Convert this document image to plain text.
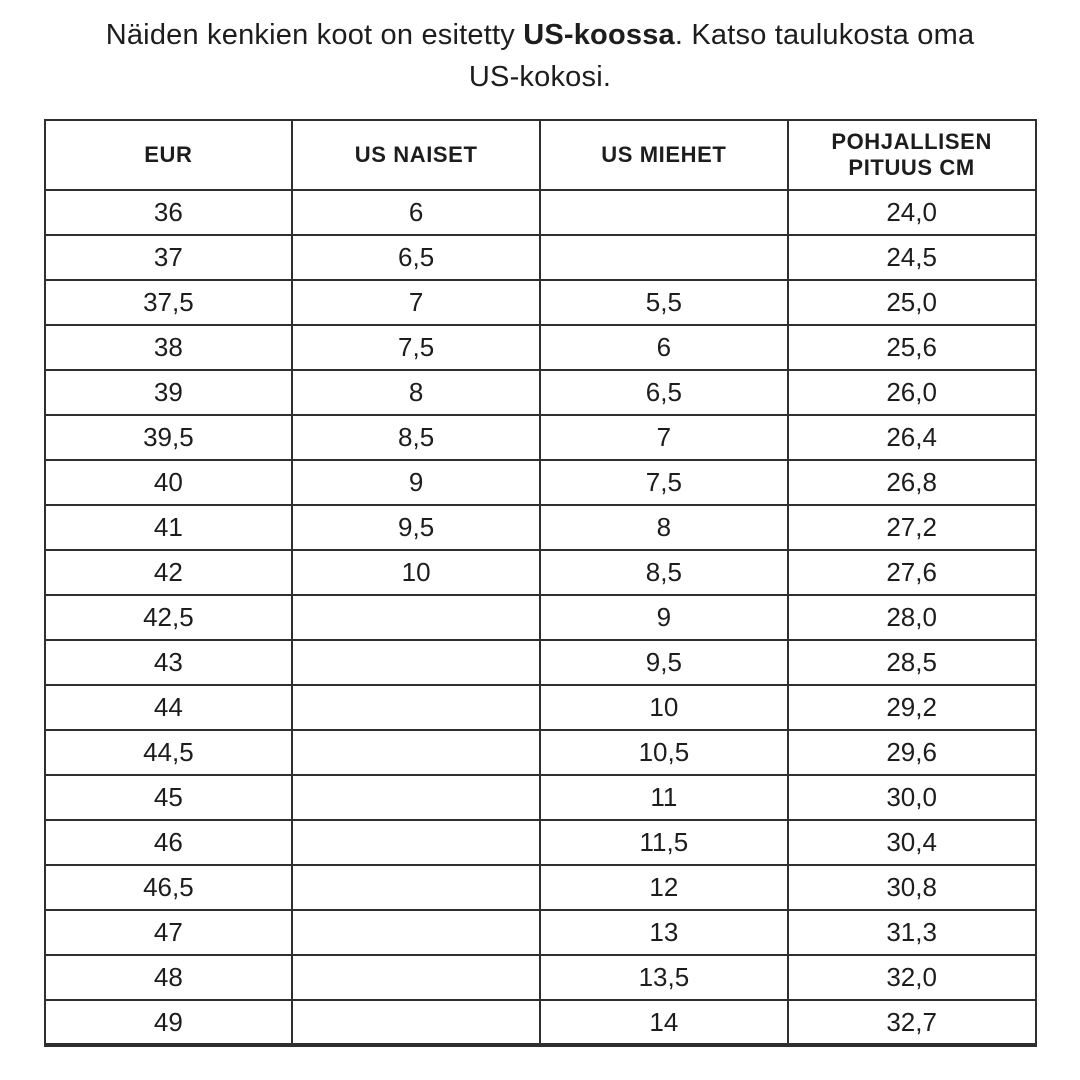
Näiden kenkien koot on esitetty US-koossa. Katso taulukosta oma US-kokosi.

EUR	US NAISET	US MIEHET	POHJALLISEN PITUUS CM
36	6		24,0
37	6,5		24,5
37,5	7	5,5	25,0
38	7,5	6	25,6
39	8	6,5	26,0
39,5	8,5	7	26,4
40	9	7,5	26,8
41	9,5	8	27,2
42	10	8,5	27,6
42,5		9	28,0
43		9,5	28,5
44		10	29,2
44,5		10,5	29,6
45		11	30,0
46		11,5	30,4
46,5		12	30,8
47		13	31,3
48		13,5	32,0
49		14	32,7
